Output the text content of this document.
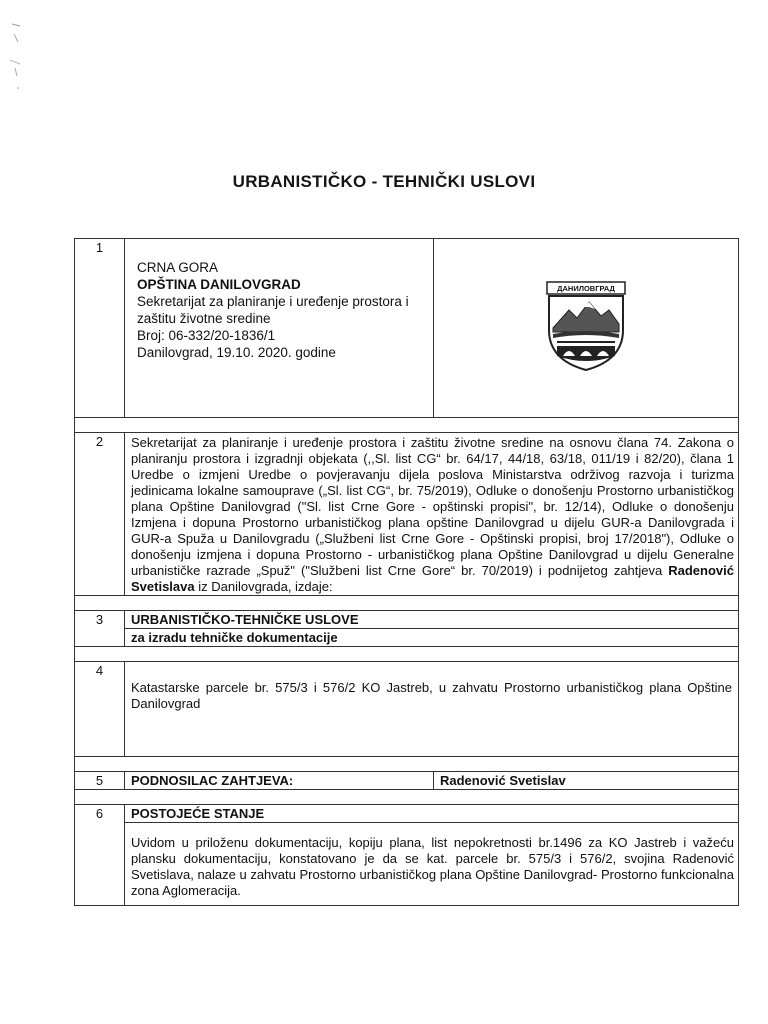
URBANISTIČKO - TEHNIČKI USLOVI
1	CRNA GORA
OPŠTINA DANILOVGRAD
Sekretarijat za planiranje i uređenje prostora i zaštitu životne sredine
Broj: 06-332/20-1836/1
Danilovgrad, 19.10. 2020. godine	ДАНИЛОВГРАД

2	Sekretarijat za planiranje i uređenje prostora i zaštitu životne sredine na osnovu člana 74. Zakona o planiranju prostora i izgradnji objekata (,,Sl. list CG“ br. 64/17, 44/18, 63/18, 011/19 i 82/20), člana 1 Uredbe o izmjeni Uredbe o povjeravanju dijela poslova Ministarstva održivog razvoja i turizma jedinicama lokalne samouprave („Sl. list CG“, br. 75/2019), Odluke o donošenju Prostorno urbanističkog plana Opštine Danilovgrad ("Sl. list Crne Gore - opštinski propisi", br. 12/14), Odluke o donošenju Izmjena i dopuna Prostorno urbanističkog plana opštine Danilovgrad u dijelu GUR-a Danilovgrada i GUR-a Spuža u Danilovgradu („Službeni list Crne Gore - Opštinski propisi, broj 17/2018"), Odluke o donošenju izmjena i dopuna Prostorno - urbanističkog plana Opštine Danilovgrad u dijelu Generalne urbanističke razrade „Spuž" ("Službeni list Crne Gore“ br. 70/2019) i podnijetog zahtjeva Radenović Svetislava iz Danilovgrada, izdaje:	

3	URBANISTIČKO-TEHNIČKE USLOVE	
	za izradu tehničke dokumentacije	

4	Katastarske parcele br. 575/3 i 576/2 KO Jastreb, u zahvatu Prostorno urbanističkog plana Opštine Danilovgrad	

5	PODNOSILAC ZAHTJEVA:	Radenović Svetislav

6	POSTOJEĆE STANJE	
	Uvidom u priloženu dokumentaciju, kopiju plana, list nepokretnosti br.1496 za KO Jastreb i važeću plansku dokumentaciju, konstatovano je da se kat. parcele br. 575/3 i 576/2, svojina Radenović Svetislava, nalaze u zahvatu Prostorno urbanističkog plana Opštine Danilovgrad- Prostorno funkcionalna zona Aglomeracija.	
